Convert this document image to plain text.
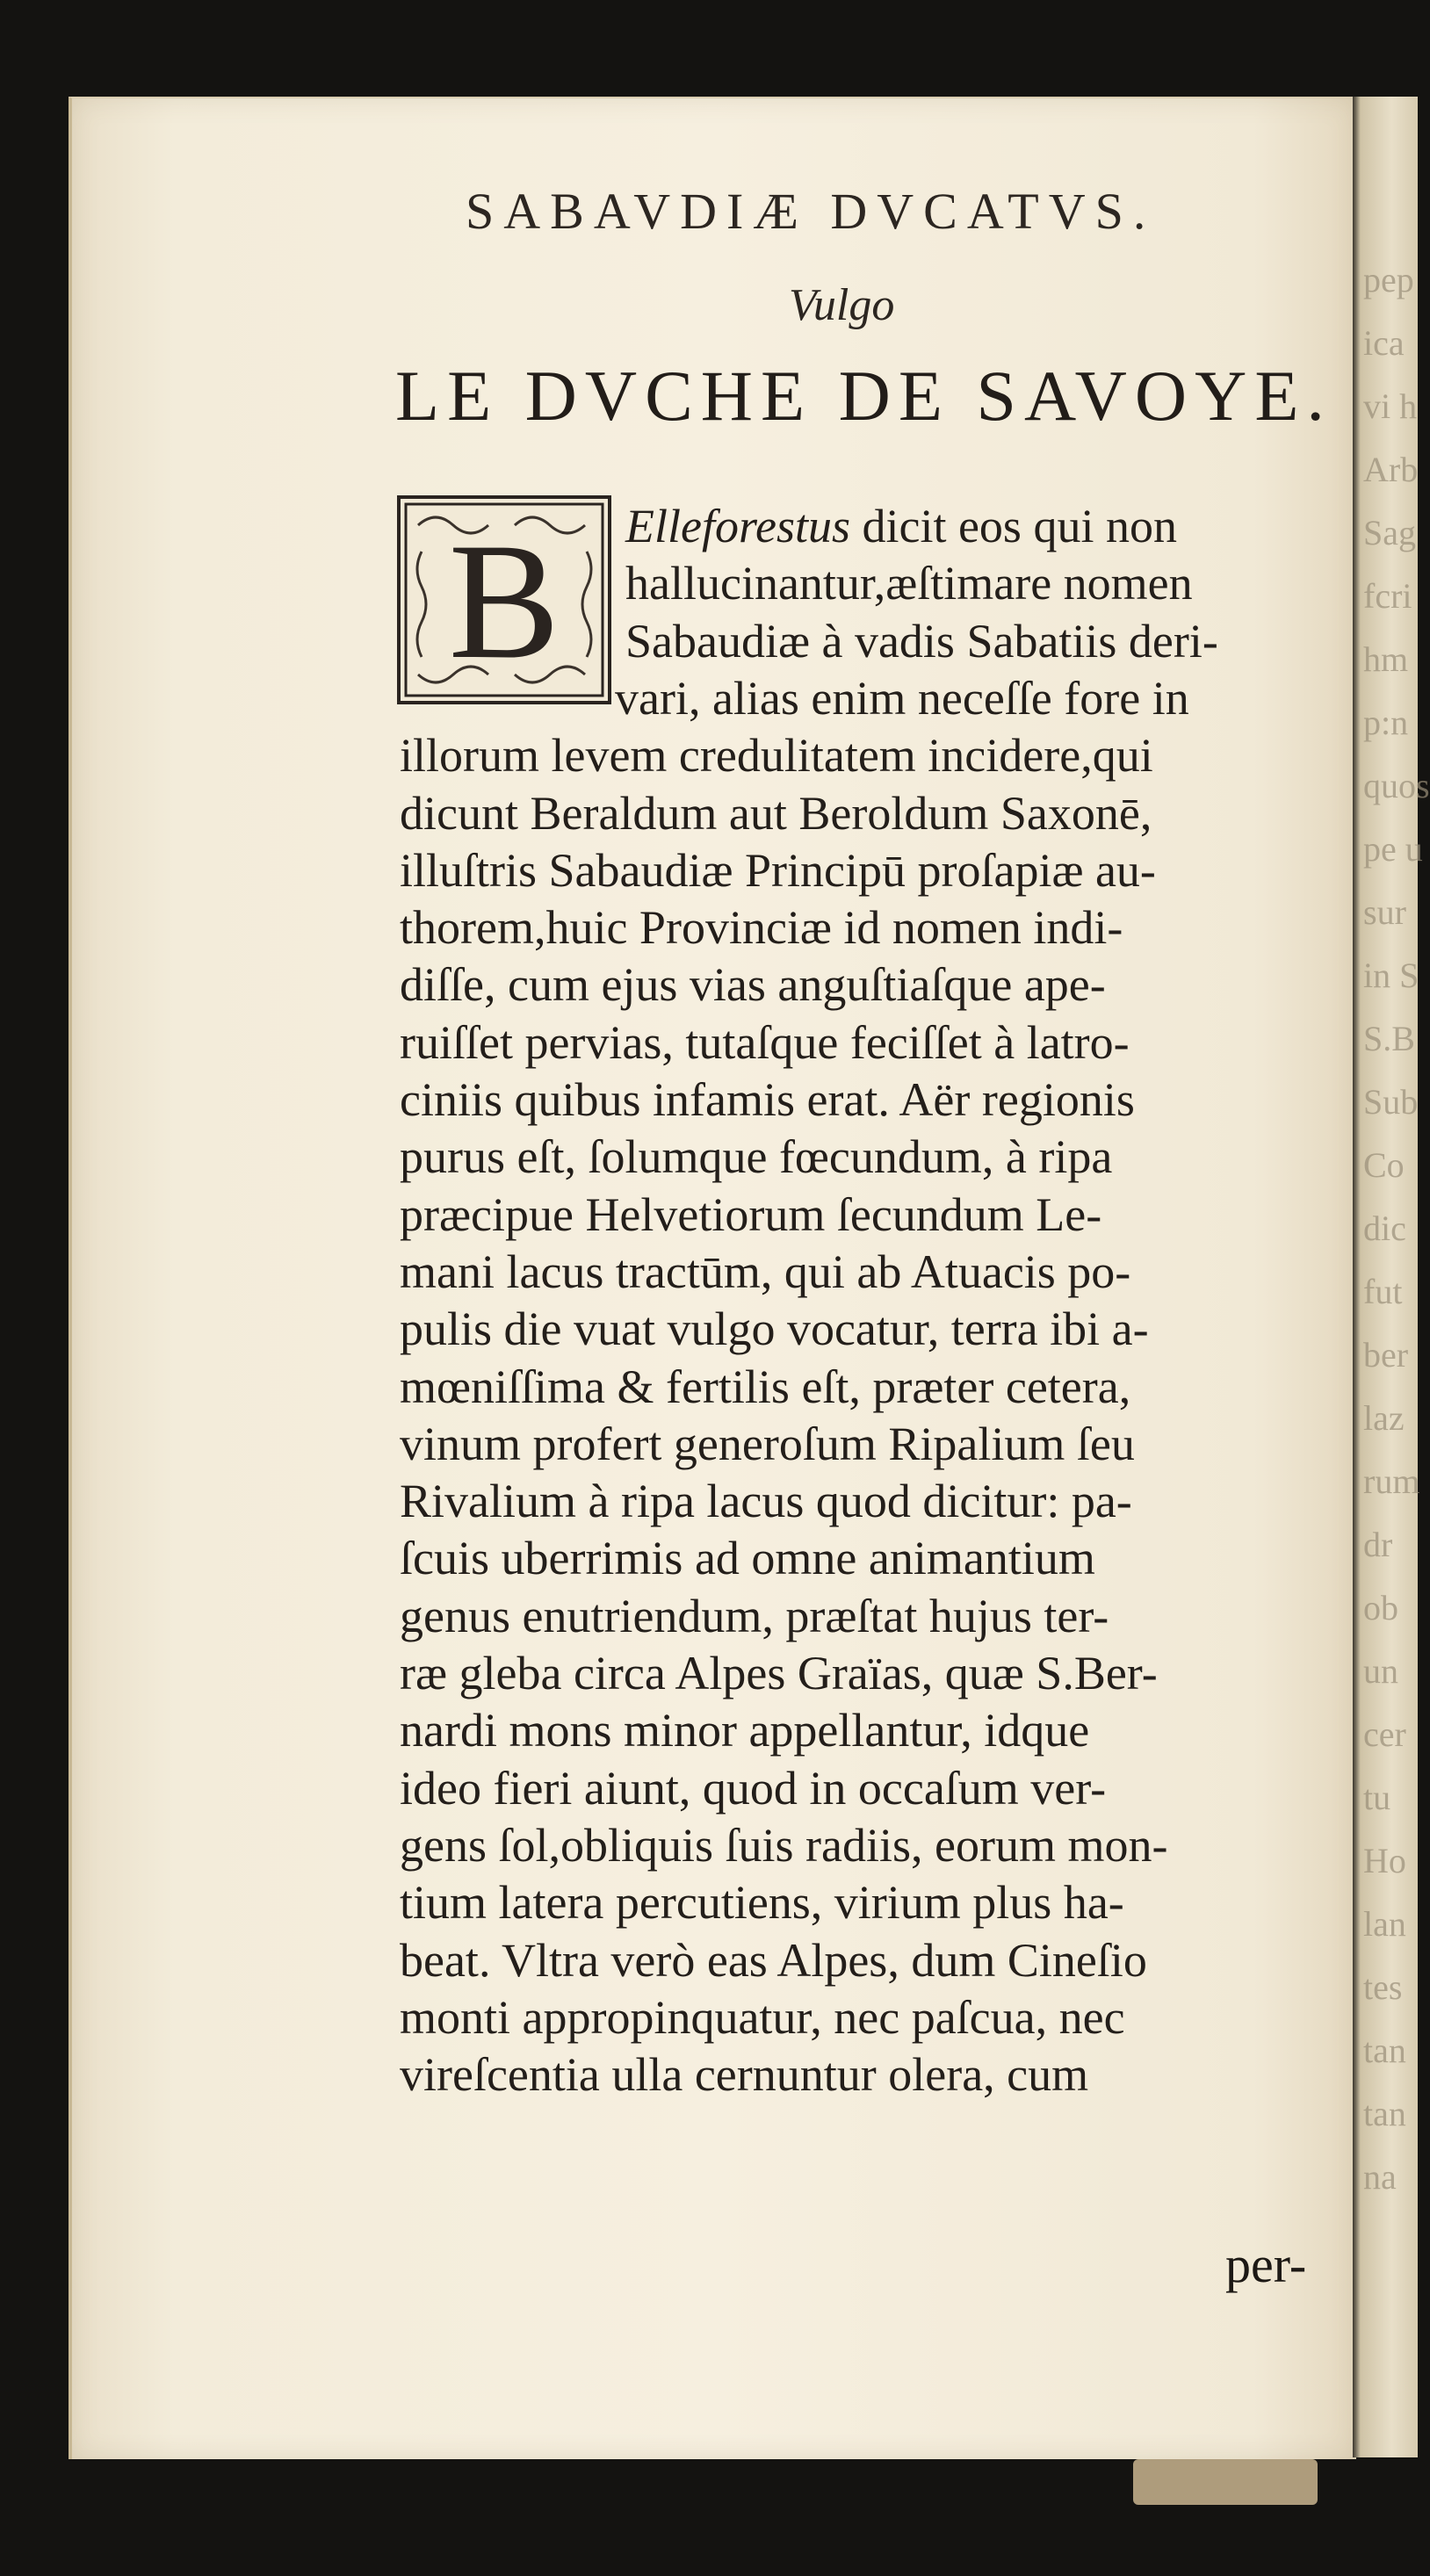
pep
ica
vi h
Arb
Sag
fcri
hm
p:n
quos
pe u
sur
in S
S.B
Sub
Co
dic
fut
ber
laz
rum
dr
ob
un
cer
tu
Ho
lan
tes
tan
tan
na
SABAVDIÆ DVCATVS.
Vulgo
LE DVCHE DE SAVOYE.
B Elleforestus dicit eos qui non
hallucinantur,æſtimare nomen
Sabaudiæ à vadis Sabatiis deri-
vari, alias enim neceſſe fore in
illorum levem credulitatem incidere,qui
dicunt Beraldum aut Beroldum Saxonē,
illuſtris Sabaudiæ Principū proſapiæ au-
thorem,huic Provinciæ id nomen indi-
diſſe, cum ejus vias anguſtiaſque ape-
ruiſſet pervias, tutaſque feciſſet à latro-
ciniis quibus infamis erat. Aër regionis
purus eſt, ſolumque fœcundum, à ripa
præcipue Helvetiorum ſecundum Le-
mani lacus tractūm, qui ab Atuacis po-
pulis die vuat vulgo vocatur, terra ibi a-
mœniſſima & fertilis eſt, præter cetera,
vinum profert generoſum Ripalium ſeu
Rivalium à ripa lacus quod dicitur: pa-
ſcuis uberrimis ad omne animantium
genus enutriendum, præſtat hujus ter-
ræ gleba circa Alpes Graïas, quæ S.Ber-
nardi mons minor appellantur, idque
ideo fieri aiunt, quod in occaſum ver-
gens ſol,obliquis ſuis radiis, eorum mon-
tium latera percutiens, virium plus ha-
beat. Vltra verò eas Alpes, dum Cineſio
monti appropinquatur, nec paſcua, nec
vireſcentia ulla cernuntur olera, cum
per-
